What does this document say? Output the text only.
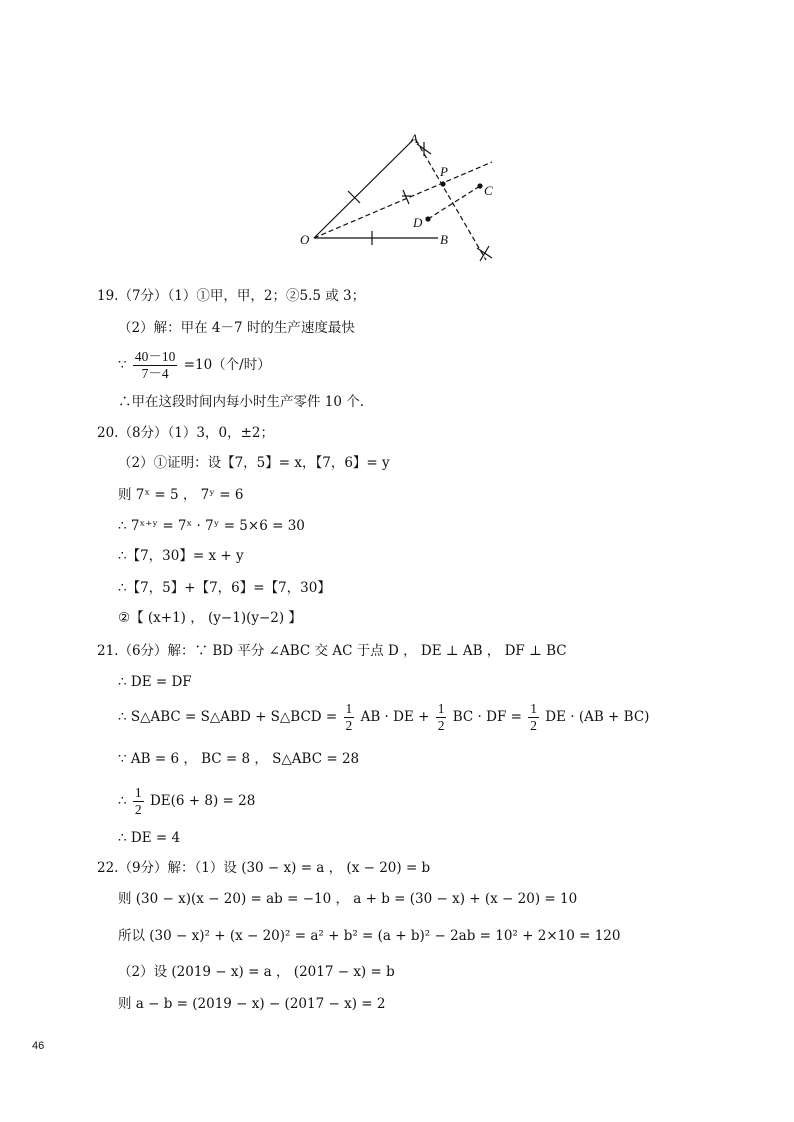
A
P
C
D
O	B
19.（7分）（1）①甲，甲，2；②5.5 或 3；
（2）解：甲在 4－7 时的生产速度最快
∵ $\frac{40-10}{7-4} =10$（个/时）
∴甲在这段时间内每小时生产零件 10 个.
20.（8分）（1）3，0，±2；
（2）①证明：设【7，5】= x，【7，6】= y
则 7ˣ = 5 ， 7ʸ = 6
∴ 7ˣ⁺ʸ = 7ˣ · 7ʸ = 5×6 = 30
∴【7，30】= x + y
∴【7，5】+【7，6】=【7，30】
②【 (x+1) ， (y−1)(y−2) 】
21.（6分）解：∵ BD 平分 ∠ABC 交 AC 于点 D ， DE ⊥ AB ， DF ⊥ BC
∴ DE = DF
∴ S△ABC = S△ABD + S△BCD = $\frac{1}{2}$ AB · DE + $\frac{1}{2}$ BC · DF = $\frac{1}{2}$ DE · (AB + BC)
∵ AB = 6 ， BC = 8 ， S△ABC = 28
∴ $\frac{1}{2} DE(6 + 8) = 28$
∴ DE = 4
22.（9分）解：（1）设 (30 − x) = a ， (x − 20) = b
则 (30 − x)(x − 20) = ab = −10 ， a + b = (30 − x) + (x − 20) = 10
所以 (30 − x)² + (x − 20)² = a² + b² = (a + b)² − 2ab = 10² + 2×10 = 120
（2）设 (2019 − x) = a ， (2017 − x) = b
则 a − b = (2019 − x) − (2017 − x) = 2
46
